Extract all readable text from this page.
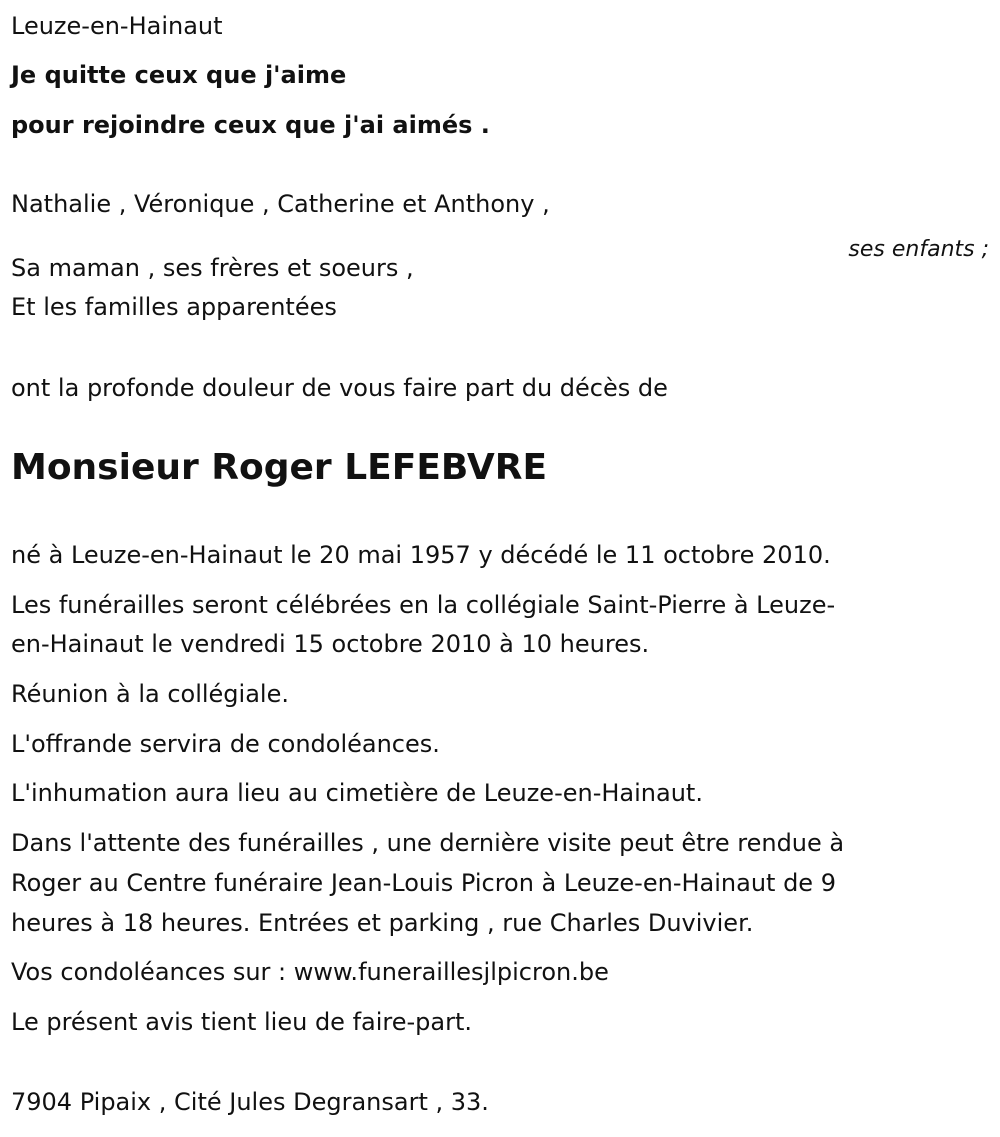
Leuze-en-Hainaut

Je quitte ceux que j'aime

pour rejoindre ceux que j'ai aimés .

Nathalie , Véronique , Catherine et Anthony ,

ses enfants ;

Sa maman , ses frères et soeurs ,

Et les familles apparentées

ont la profonde douleur de vous faire part du décès de

Monsieur Roger LEFEBVRE

né à Leuze-en-Hainaut le 20 mai 1957 y décédé le 11 octobre 2010.

Les funérailles seront célébrées en la collégiale Saint-Pierre à Leuze-

en-Hainaut le vendredi 15 octobre 2010 à 10 heures.

Réunion à la collégiale.

L'offrande servira de condoléances.

L'inhumation aura lieu au cimetière de Leuze-en-Hainaut.

Dans l'attente des funérailles , une dernière visite peut être rendue à

Roger au Centre funéraire Jean-Louis Picron à Leuze-en-Hainaut de 9

heures à 18 heures. Entrées et parking , rue Charles Duvivier.

Vos condoléances sur : www.funeraillesjlpicron.be

Le présent avis tient lieu de faire-part.

7904 Pipaix , Cité Jules Degransart , 33.
